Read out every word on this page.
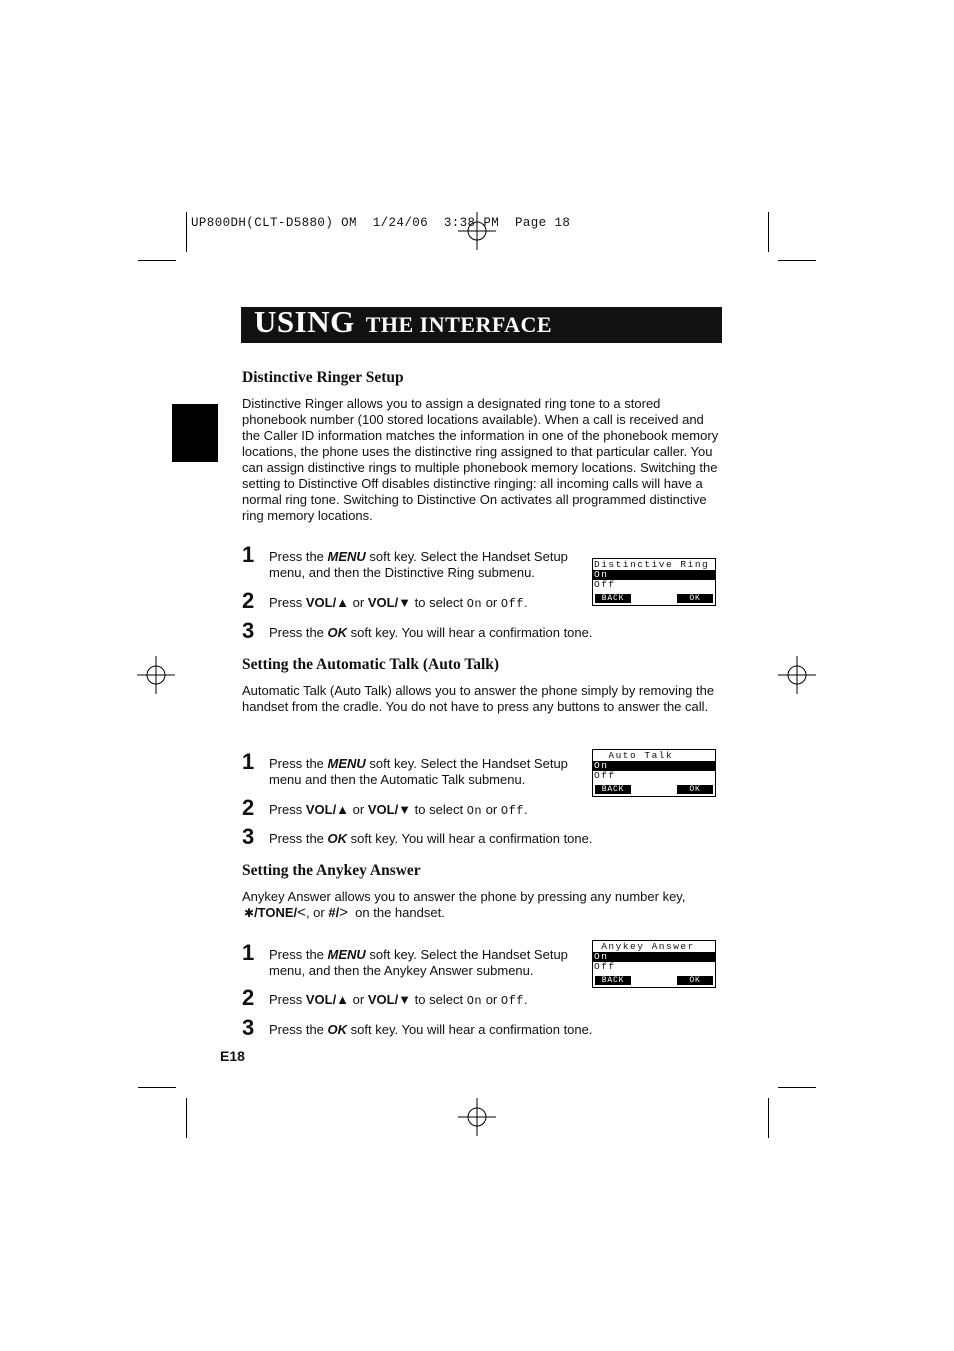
UP800DH(CLT-D5880) OM  1/24/06  3:38 PM  Page 18
USING THE INTERFACE
Distinctive Ringer Setup
Distinctive Ringer allows you to assign a designated ring tone to a stored phonebook number (100 stored locations available). When a call is received and the Caller ID information matches the information in one of the phonebook memory locations, the phone uses the distinctive ring assigned to that particular caller. You can assign distinctive rings to multiple phonebook memory locations. Switching the setting to Distinctive Off disables distinctive ringing: all incoming calls will have a normal ring tone. Switching to Distinctive On activates all programmed distinctive ring memory locations.
1 Press the MENU soft key. Select the Handset Setup menu, and then the Distinctive Ring submenu.
2 Press VOL/▲ or VOL/▼ to select On or Off.
3 Press the OK soft key. You will hear a confirmation tone.
Distinctive Ring
On
Off
BACK	OK
Setting the Automatic Talk (Auto Talk)
Automatic Talk (Auto Talk) allows you to answer the phone simply by removing the handset from the cradle. You do not have to press any buttons to answer the call.
1 Press the MENU soft key. Select the Handset Setup menu and then the Automatic Talk submenu.
2 Press VOL/▲ or VOL/▼ to select On or Off.
3 Press the OK soft key. You will hear a confirmation tone.
Auto Talk
On
Off
BACK	OK
Setting the Anykey Answer
Anykey Answer allows you to answer the phone by pressing any number key,
✱/TONE/<, or #/>  on the handset.
1 Press the MENU soft key. Select the Handset Setup menu, and then the Anykey Answer submenu.
2 Press VOL/▲ or VOL/▼ to select On or Off.
3 Press the OK soft key. You will hear a confirmation tone.
Anykey Answer
On
Off
BACK	OK
E18
